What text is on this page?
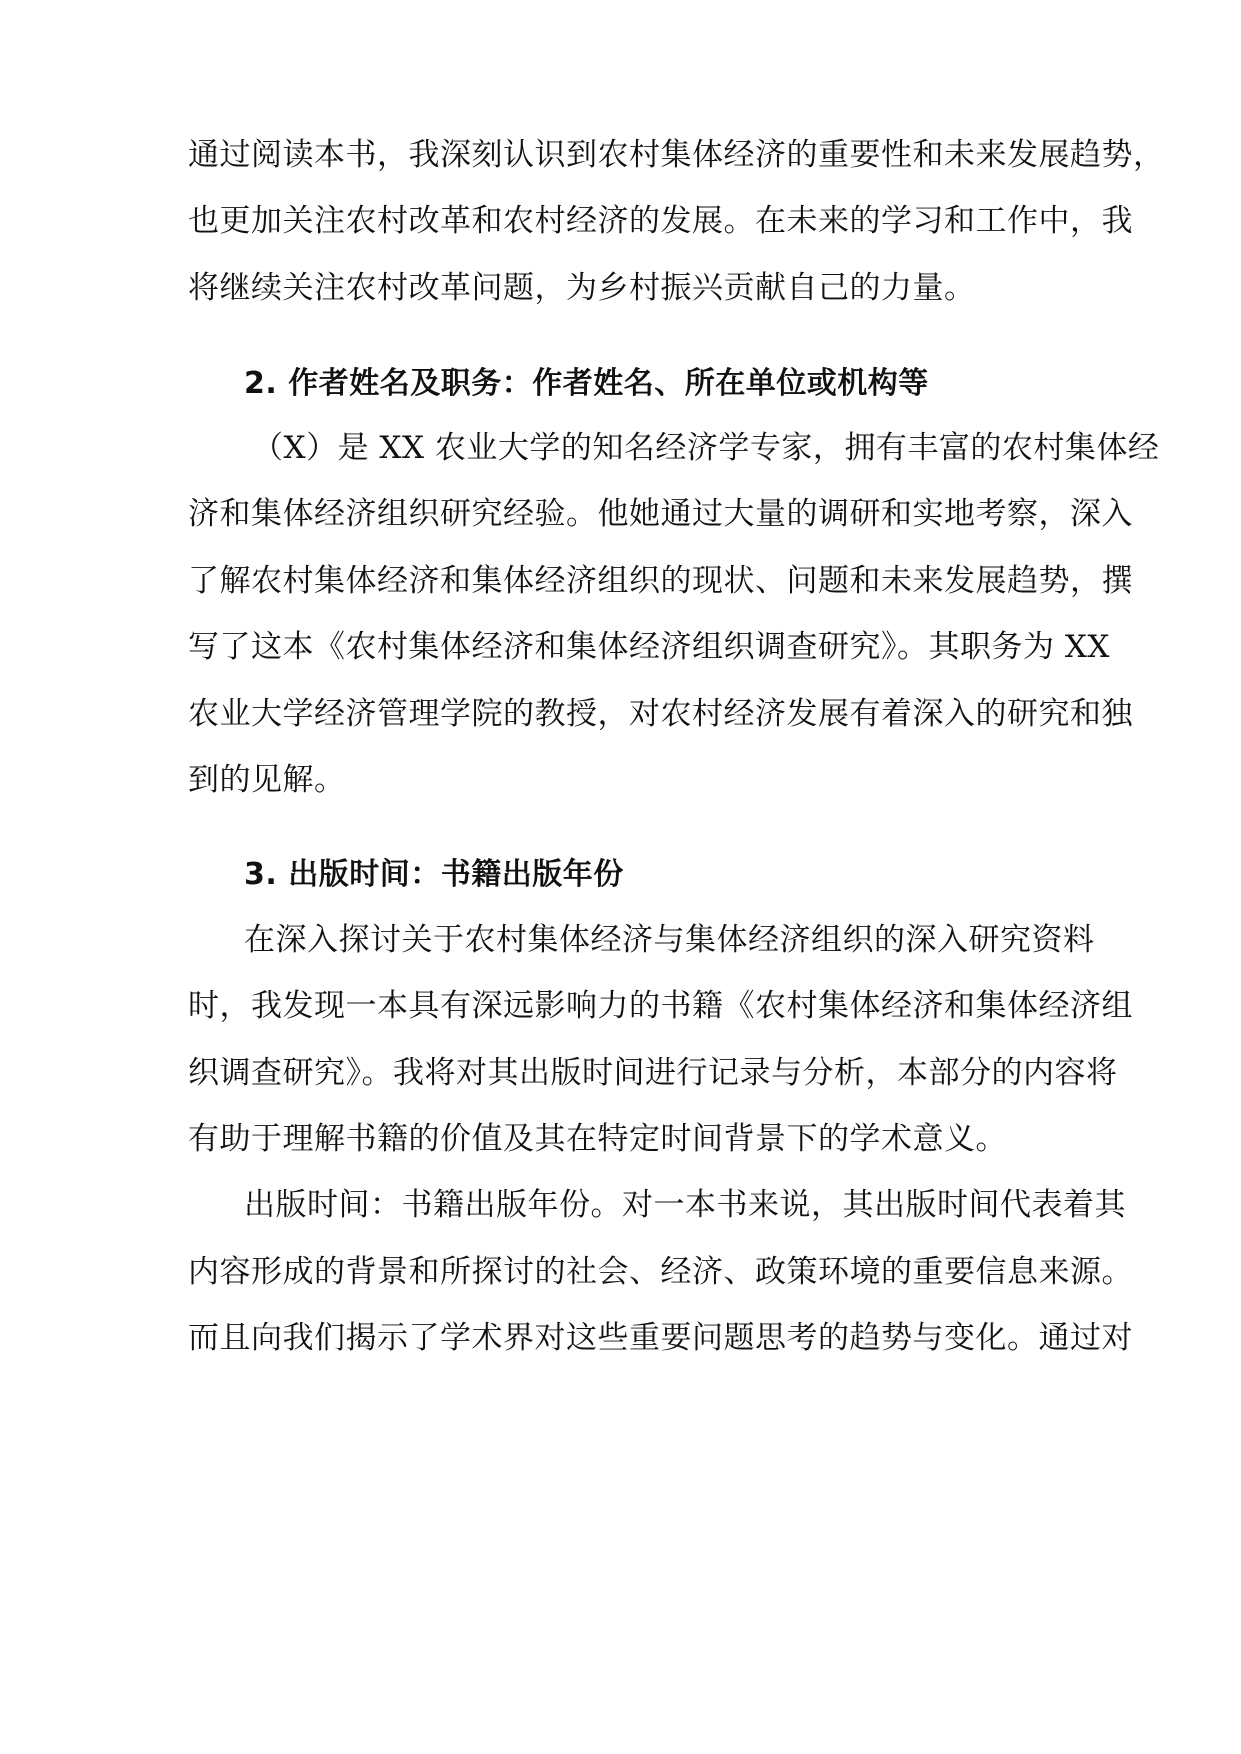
通过阅读本书，我深刻认识到农村集体经济的重要性和未来发展趋势，
也更加关注农村改革和农村经济的发展。在未来的学习和工作中，我
将继续关注农村改革问题，为乡村振兴贡献自己的力量。
2. 作者姓名及职务：作者姓名、所在单位或机构等
（X）是 XX 农业大学的知名经济学专家，拥有丰富的农村集体经
济和集体经济组织研究经验。他她通过大量的调研和实地考察，深入
了解农村集体经济和集体经济组织的现状、问题和未来发展趋势，撰
写了这本《农村集体经济和集体经济组织调查研究》。其职务为 XX
农业大学经济管理学院的教授，对农村经济发展有着深入的研究和独
到的见解。
3. 出版时间：书籍出版年份
在深入探讨关于农村集体经济与集体经济组织的深入研究资料
时，我发现一本具有深远影响力的书籍《农村集体经济和集体经济组
织调查研究》。我将对其出版时间进行记录与分析，本部分的内容将
有助于理解书籍的价值及其在特定时间背景下的学术意义。
出版时间：书籍出版年份。对一本书来说，其出版时间代表着其
内容形成的背景和所探讨的社会、经济、政策环境的重要信息来源。
而且向我们揭示了学术界对这些重要问题思考的趋势与变化。通过对
